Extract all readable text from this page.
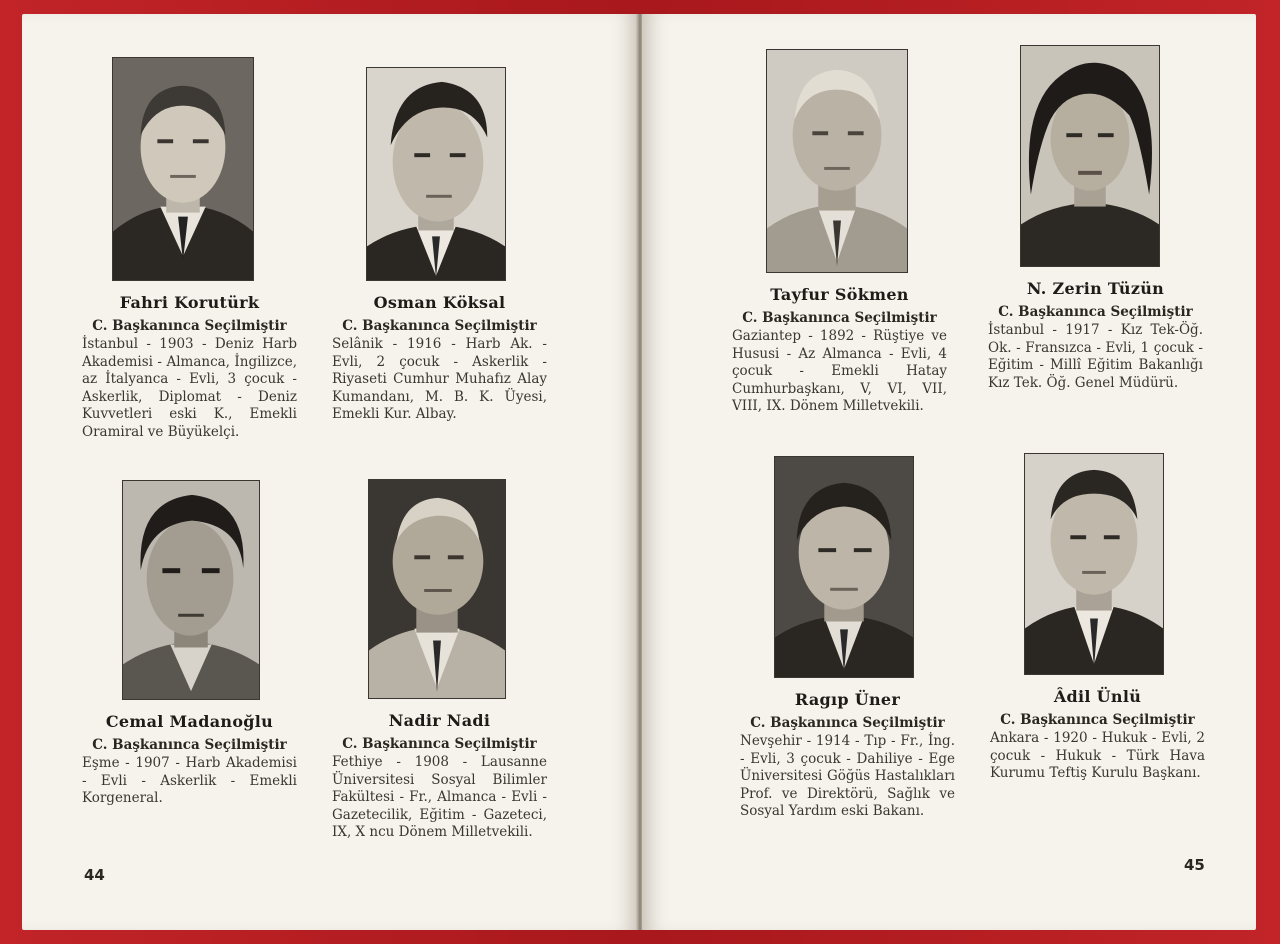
Fahri Korutürk
C. Başkanınca Seçilmiştir
İstanbul - 1903 - Deniz Harb Akademisi - Almanca, İngilizce, az İtalyanca - Evli, 3 çocuk - Askerlik, Diplomat - Deniz Kuvvetleri eski K., Emekli Oramiral ve Büyükelçi.
Osman Köksal
C. Başkanınca Seçilmiştir
Selânik - 1916 - Harb Ak. - Evli, 2 çocuk - Askerlik - Riyaseti Cumhur Muhafız Alay Kumandanı, M. B. K. Üyesi, Emekli Kur. Albay.
Cemal Madanoğlu
C. Başkanınca Seçilmiştir
Eşme - 1907 - Harb Akademisi - Evli - Askerlik - Emekli Korgeneral.
Nadir Nadi
C. Başkanınca Seçilmiştir
Fethiye - 1908 - Lausanne Üniversitesi Sosyal Bilimler Fakültesi - Fr., Almanca - Evli - Gazetecilik, Eğitim - Gazeteci, IX, X ncu Dönem Milletvekili.
44
Tayfur Sökmen
C. Başkanınca Seçilmiştir
Gaziantep - 1892 - Rüştiye ve Hususi - Az Almanca - Evli, 4 çocuk - Emekli Hatay Cumhurbaşkanı, V, VI, VII, VIII, IX. Dönem Milletvekili.
N. Zerin Tüzün
C. Başkanınca Seçilmiştir
İstanbul - 1917 - Kız Tek-Öğ. Ok. - Fransızca - Evli, 1 çocuk - Eğitim - Millî Eğitim Bakanlığı Kız Tek. Öğ. Genel Müdürü.
Ragıp Üner
C. Başkanınca Seçilmiştir
Nevşehir - 1914 - Tıp - Fr., İng. - Evli, 3 çocuk - Dahiliye - Ege Üniversitesi Göğüs Hastalıkları Prof. ve Direktörü, Sağlık ve Sosyal Yardım eski Bakanı.
Âdil Ünlü
C. Başkanınca Seçilmiştir
Ankara - 1920 - Hukuk - Evli, 2 çocuk - Hukuk - Türk Hava Kurumu Teftiş Kurulu Başkanı.
45
